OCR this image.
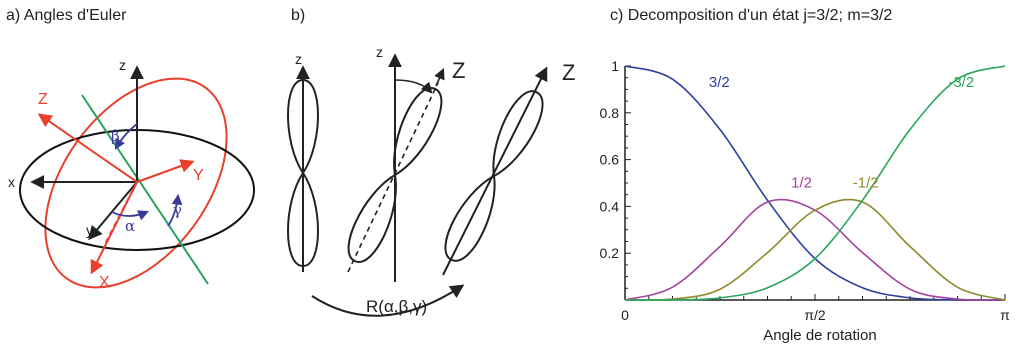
a) Angles d'Euler
z
x
y
Z
Y
X
β
α
γ
b)
z	z
Z	Z
R(α,β,γ)
c) Decomposition d'un état j=3/2; m=3/2
1
0.8
0.6
0.4
0.2
0	π/2	π
Angle de rotation
3/2
1/2	-1/2
-3/2
